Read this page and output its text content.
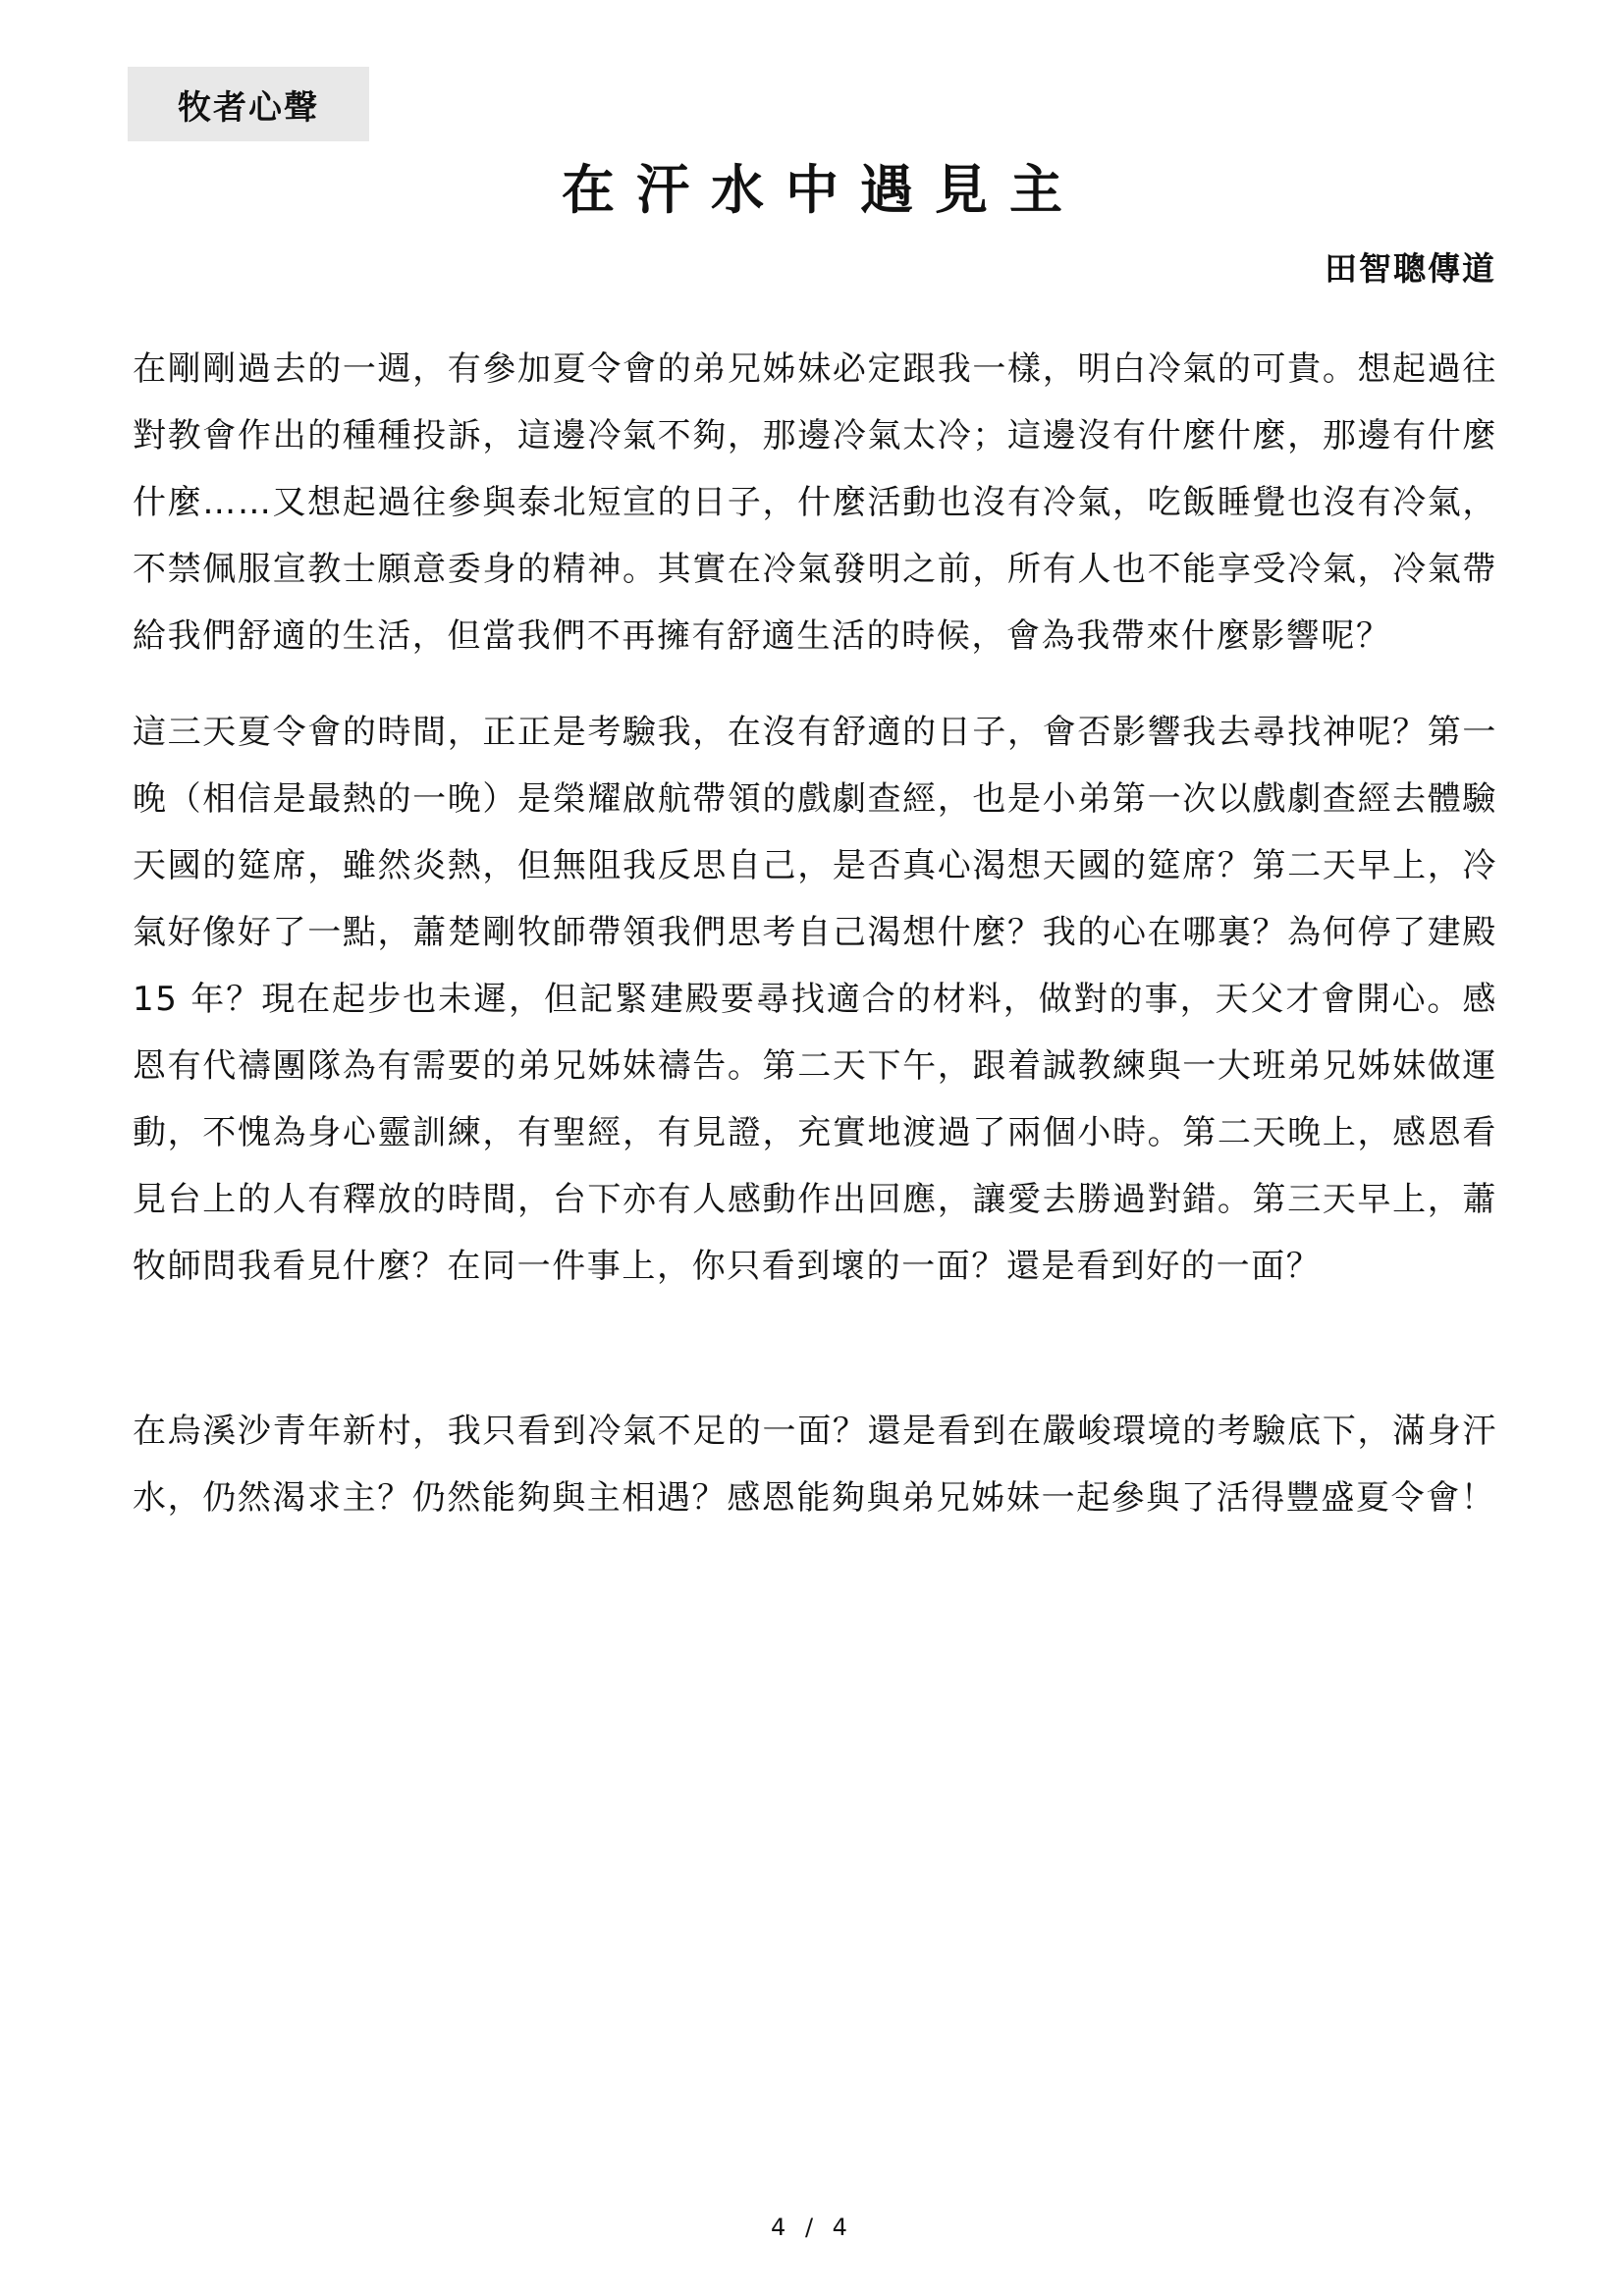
牧者心聲
在汗水中遇見主
田智聰傳道

在剛剛過去的一週，有參加夏令會的弟兄姊妹必定跟我一樣，明白冷氣的可貴。想起過往對教會作出的種種投訴，這邊冷氣不夠，那邊冷氣太冷；這邊沒有什麼什麼，那邊有什麼什麼……又想起過往參與泰北短宣的日子，什麼活動也沒有冷氣，吃飯睡覺也沒有冷氣，不禁佩服宣教士願意委身的精神。其實在冷氣發明之前，所有人也不能享受冷氣，冷氣帶給我們舒適的生活，但當我們不再擁有舒適生活的時候，會為我帶來什麼影響呢？

這三天夏令會的時間，正正是考驗我，在沒有舒適的日子，會否影響我去尋找神呢？第一晚（相信是最熱的一晚）是榮耀啟航帶領的戲劇查經，也是小弟第一次以戲劇查經去體驗天國的筵席，雖然炎熱，但無阻我反思自己，是否真心渴想天國的筵席？第二天早上，冷氣好像好了一點，蕭楚剛牧師帶領我們思考自己渴想什麼？我的心在哪裏？為何停了建殿 15 年？現在起步也未遲，但記緊建殿要尋找適合的材料，做對的事，天父才會開心。感恩有代禱團隊為有需要的弟兄姊妹禱告。第二天下午，跟着誠教練與一大班弟兄姊妹做運動，不愧為身心靈訓練，有聖經，有見證，充實地渡過了兩個小時。第二天晚上，感恩看見台上的人有釋放的時間，台下亦有人感動作出回應，讓愛去勝過對錯。第三天早上，蕭牧師問我看見什麼？在同一件事上，你只看到壞的一面？還是看到好的一面？

在烏溪沙青年新村，我只看到冷氣不足的一面？還是看到在嚴峻環境的考驗底下，滿身汗水，仍然渴求主？仍然能夠與主相遇？感恩能夠與弟兄姊妹一起參與了活得豐盛夏令會！

4 / 4
